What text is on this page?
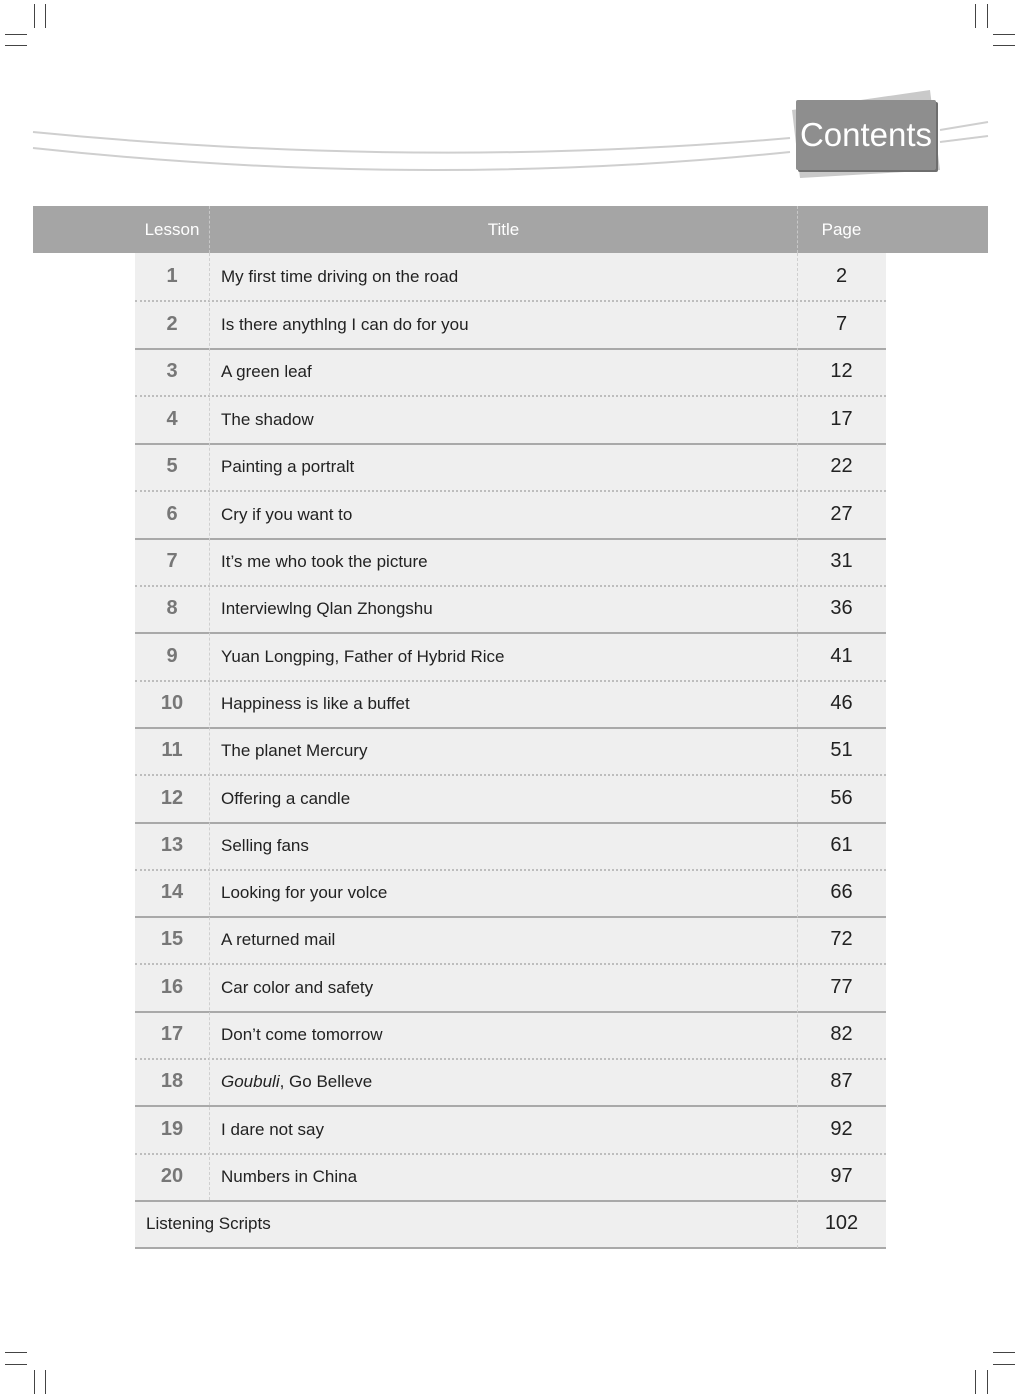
Contents
Lesson	Title	Page
1	My first time driving on the road	2
2	Is there anythlng I can do for you	7
3	A green leaf	12
4	The shadow	17
5	Painting a portralt	22
6	Cry if you want to	27
7	It’s me who took the picture	31
8	Interviewlng Qlan Zhongshu	36
9	Yuan Longping, Father of Hybrid Rice	41
10	Happiness is like a buffet	46
11	The planet Mercury	51
12	Offering a candle	56
13	Selling fans	61
14	Looking for your volce	66
15	A returned mail	72
16	Car color and safety	77
17	Don’t come tomorrow	82
18	Goubuli , Go Belleve	87
19	I dare not say	92
20	Numbers in China	97
Listening Scripts	102
